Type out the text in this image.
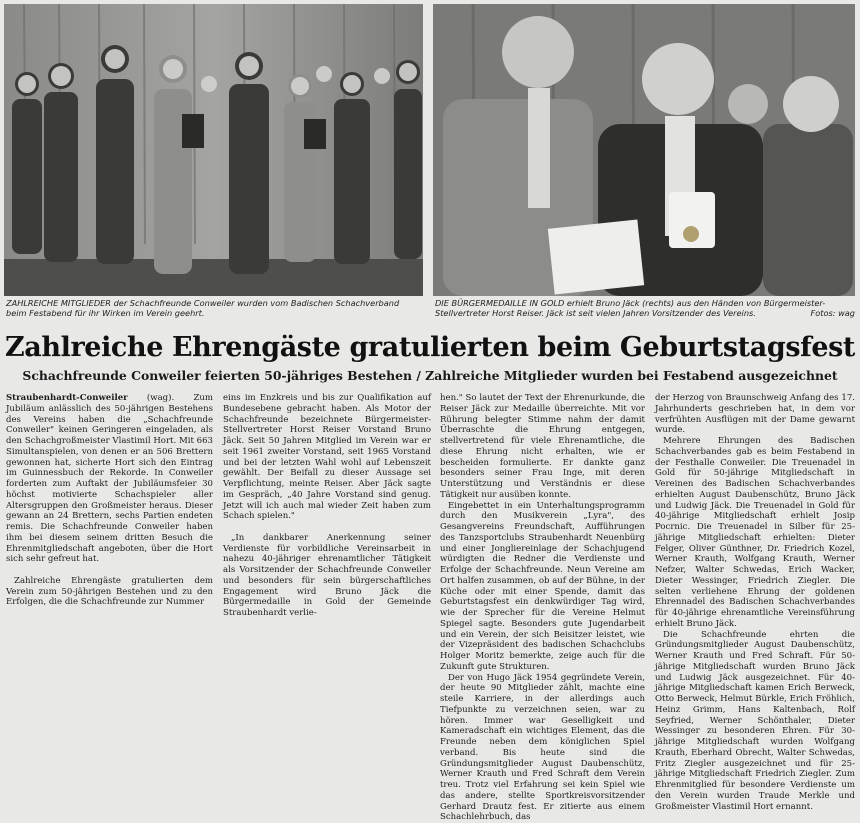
ZAHLREICHE MITGLIEDER der Schachfreunde Conweiler wurden vom Badischen Schachverband beim Festabend für ihr Wirken im Verein geehrt.
DIE BÜRGERMEDAILLE IN GOLD erhielt Bruno Jäck (rechts) aus den Händen von Bürgermeister-Stellvertreter Horst Reiser. Jäck ist seit vielen Jahren Vorsitzender des Vereins.	Fotos: wag
Zahlreiche Ehrengäste gratulierten beim Geburtstagsfest
Schachfreunde Conweiler feierten 50-jähriges Bestehen / Zahlreiche Mitglieder wurden bei Festabend ausgezeichnet

Straubenhardt-Conweiler (wag). Zum Jubiläum anlässlich des 50-jährigen Bestehens des Vereins haben die „Schachfreunde Conweiler" keinen Geringeren eingeladen, als den Schachgroßmeister Vlastimil Hort. Mit 663 Simultanspielen, von denen er an 506 Brettern gewonnen hat, sicherte Hort sich den Eintrag im Guinnessbuch der Rekorde. In Conweiler forderten zum Auftakt der Jubiläumsfeier 30 höchst motivierte Schachspieler aller Altersgruppen den Großmeister heraus. Dieser gewann an 24 Brettern, sechs Partien endeten remis. Die Schachfreunde Conweiler haben ihm bei diesem seinem dritten Besuch die Ehrenmitgliedschaft angeboten, über die Hort sich sehr gefreut hat.

Zahlreiche Ehrengäste gratulierten dem Verein zum 50-jährigen Bestehen und zu den Erfolgen, die die Schachfreunde zur Nummer

eins im Enzkreis und bis zur Qualifikation auf Bundesebene gebracht haben. Als Motor der Schachfreunde bezeichnete Bürgermeister-Stellvertreter Horst Reiser Vorstand Bruno Jäck. Seit 50 Jahren Mitglied im Verein war er seit 1961 zweiter Vorstand, seit 1965 Vorstand und bei der letzten Wahl wohl auf Lebenszeit gewählt. Der Beifall zu dieser Aussage sei Verpflichtung, meinte Reiser. Aber Jäck sagte im Gespräch, „40 Jahre Vorstand sind genug. Jetzt will ich auch mal wieder Zeit haben zum Schach spielen."

„In dankbarer Anerkennung seiner Verdienste für vorbildliche Vereinsarbeit in nahezu 40-jähriger ehrenamtlicher Tätigkeit als Vorsitzender der Schachfreunde Conweiler und besonders für sein bürgerschaftliches Engagement wird Bruno Jäck die Bürgermedaille in Gold der Gemeinde Straubenhardt verlie-

hen." So lautet der Text der Ehrenurkunde, die Reiser Jäck zur Medaille überreichte. Mit vor Rührung belegter Stimme nahm der damit Überraschte die Ehrung entgegen, stellvertretend für viele Ehrenamtliche, die diese Ehrung nicht erhalten, wie er bescheiden formulierte. Er dankte ganz besonders seiner Frau Inge, mit deren Unterstützung und Verständnis er diese Tätigkeit nur ausüben konnte.

Eingebettet in ein Unterhaltungsprogramm durch den Musikverein „Lyra", des Gesangvereins Freundschaft, Aufführungen des Tanzsportclubs Straubenhardt Neuenbürg und einer Jongliereinlage der Schachjugend würdigten die Redner die Verdienste und Erfolge der Schachfreunde. Neun Vereine am Ort halfen zusammen, ob auf der Bühne, in der Küche oder mit einer Spende, damit das Geburtstagsfest ein denkwürdiger Tag wird, wie der Sprecher für die Vereine Helmut Spiegel sagte. Besonders gute Jugendarbeit und ein Verein, der sich Beisitzer leistet, wie der Vizepräsident des badischen Schachclubs Holger Moritz bemerkte, zeige auch für die Zukunft gute Strukturen.

Der von Hugo Jäck 1954 gegründete Verein, der heute 90 Mitglieder zählt, machte eine steile Karriere, in der allerdings auch Tiefpunkte zu verzeichnen seien, war zu hören. Immer war Geselligkeit und Kameradschaft ein wichtiges Element, das die Freunde neben dem königlichen Spiel verband. Bis heute sind die Gründungsmitglieder August Daubenschütz, Werner Krauth und Fred Schraft dem Verein treu. Trotz viel Erfahrung sei kein Spiel wie das andere, stellte Sportkreisvorsitzender Gerhard Drautz fest. Er zitierte aus einem Schachlehrbuch, das

der Herzog von Braunschweig Anfang des 17. Jahrhunderts geschrieben hat, in dem vor verfrühten Ausflügen mit der Dame gewarnt wurde.

Mehrere Ehrungen des Badischen Schachverbandes gab es beim Festabend in der Festhalle Conweiler. Die Treuenadel in Gold für 50-jährige Mitgliedschaft in Vereinen des Badischen Schachverbandes erhielten August Daubenschütz, Bruno Jäck und Ludwig Jäck. Die Treuenadel in Gold für 40-jährige Mitgliedschaft erhielt Josip Pocrnic. Die Treuenadel in Silber für 25-jährige Mitgliedschaft erhielten: Dieter Felger, Oliver Günthner, Dr. Friedrich Kozel, Werner Krauth, Wolfgang Krauth, Werner Nefzer, Walter Schwedas, Erich Wacker, Dieter Wessinger, Friedrich Ziegler. Die selten verliehene Ehrung der goldenen Ehrennadel des Badischen Schachverbandes für 40-jährige ehrenamtliche Vereinsführung erhielt Bruno Jäck.

Die Schachfreunde ehrten die Gründungsmitglieder August Daubenschütz, Werner Krauth und Fred Schraft. Für 50-jährige Mitgliedschaft wurden Bruno Jäck und Ludwig Jäck ausgezeichnet. Für 40-jährige Mitgliedschaft kamen Erich Berweck, Otto Berweck, Helmut Bürkle, Erich Fröhlich, Heinz Grimm, Hans Kaltenbach, Rolf Seyfried, Werner Schönthaler, Dieter Wessinger zu besonderen Ehren. Für 30-jährige Mitgliedschaft wurden Wolfgang Krauth, Eberhard Obrecht, Walter Schwedas, Fritz Ziegler ausgezeichnet und für 25-jährige Mitgliedschaft Friedrich Ziegler. Zum Ehrenmitglied für besondere Verdienste um den Verein wurden Traude Merkle und Großmeister Vlastimil Hort ernannt.
